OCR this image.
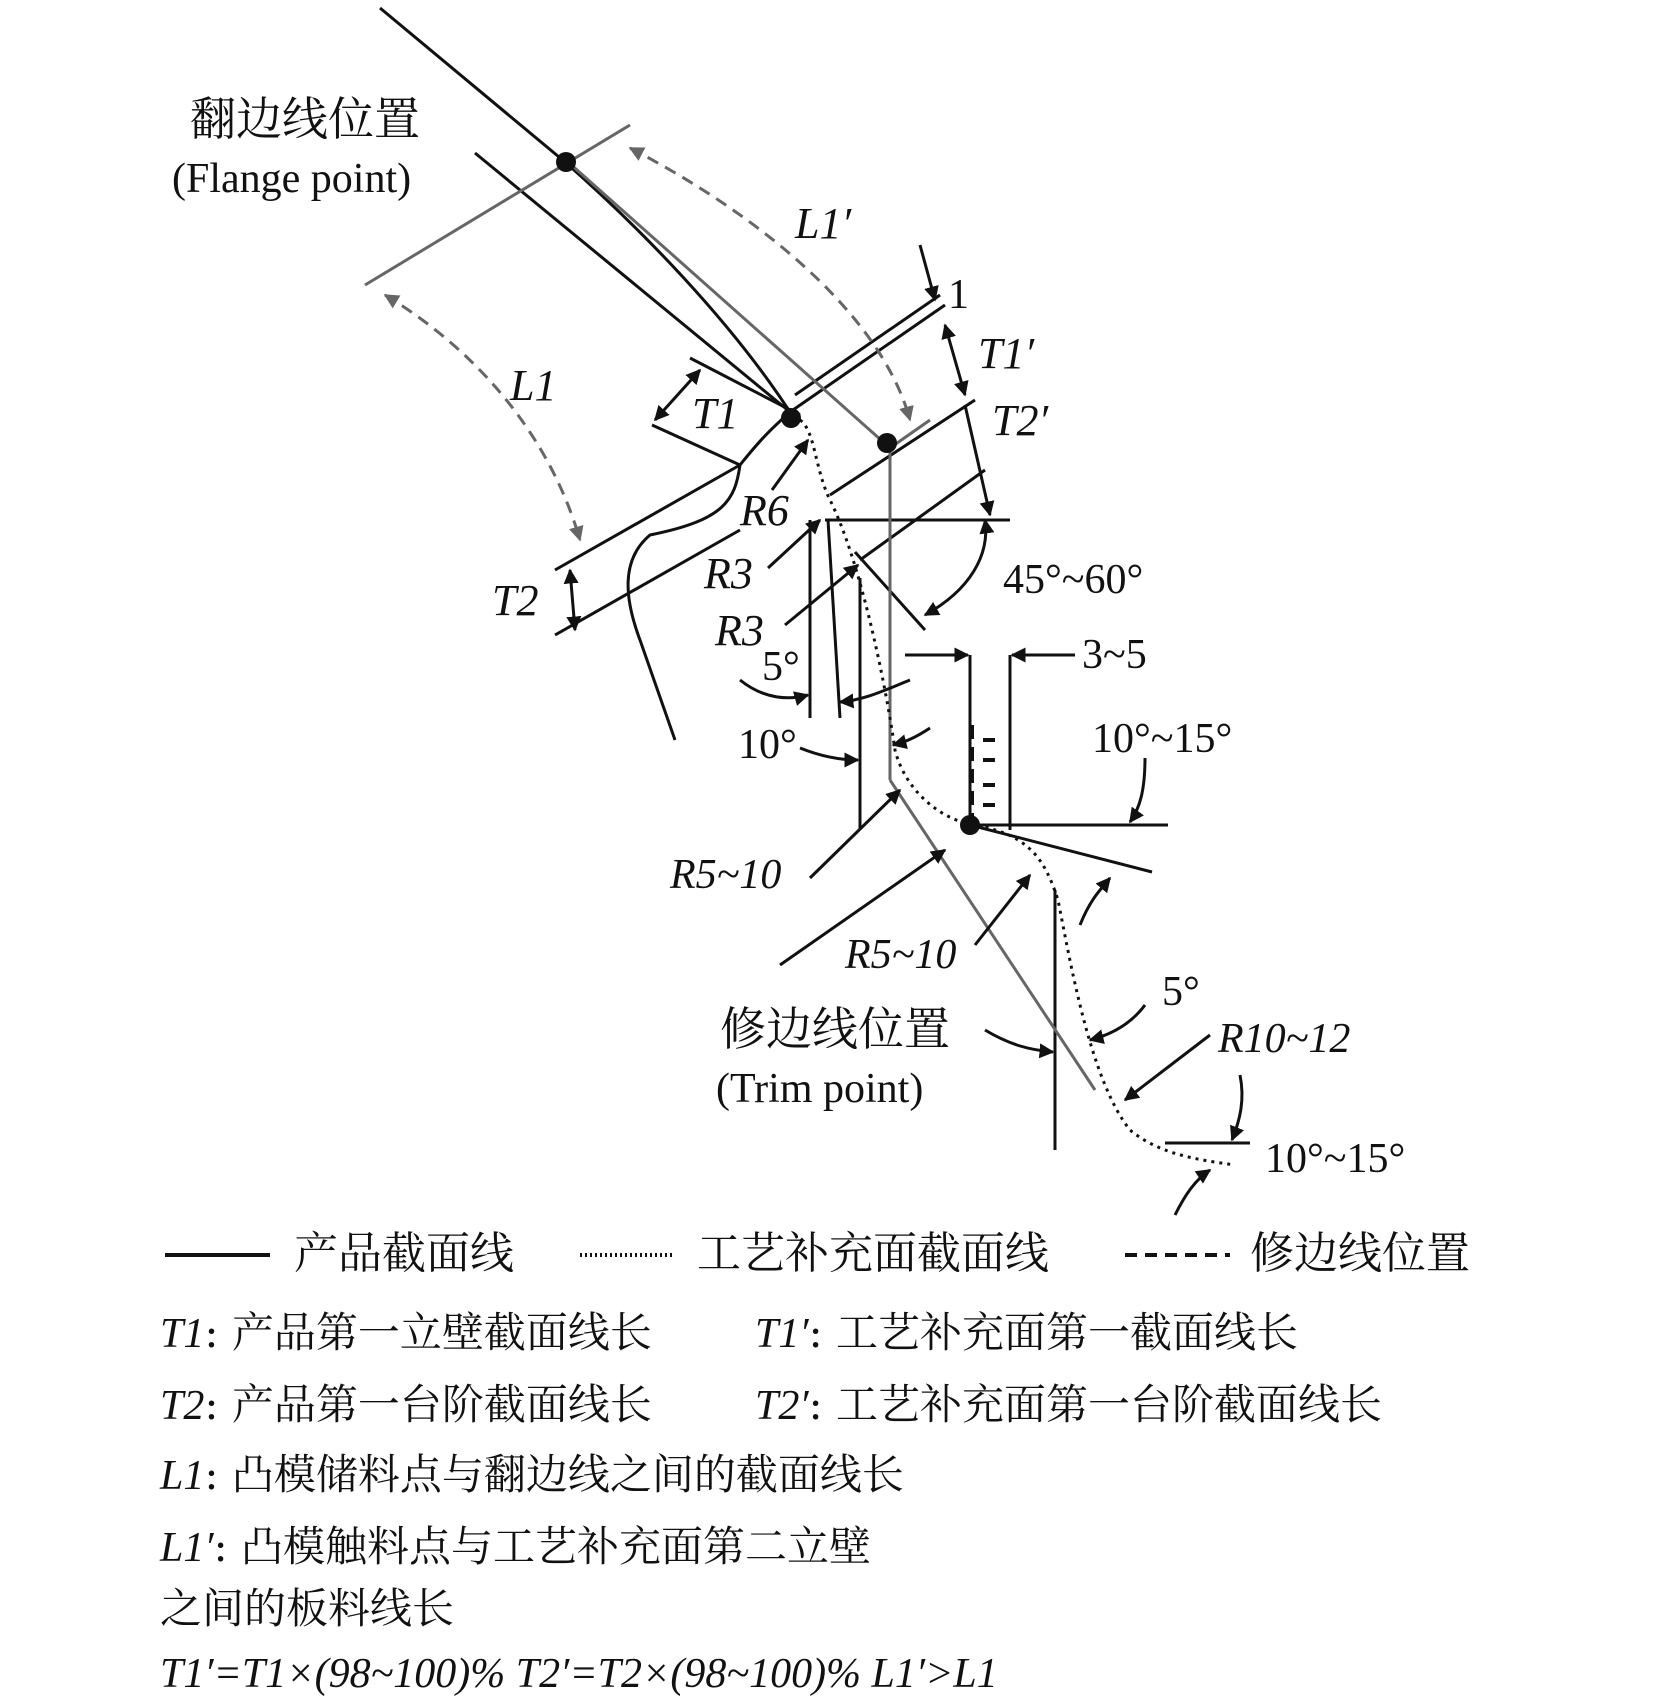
翻边线位置
(Flange point)
L1
L1′
T1
T2
1
T1′
T2′
R6
45°~60°
R3
R3	3~5
5°
10°	10°~15°
R5~10
R5~10
修边线位置
(Trim point)
5°
R10~12
10°~15°
产品截面线	工艺补充面截面线	修边线位置
T1: 产品第一立壁截面线长 T1′: 工艺补充面第一截面线长
T2: 产品第一台阶截面线长 T2′: 工艺补充面第一台阶截面线长
L1: 凸模储料点与翻边线之间的截面线长
L1′: 凸模触料点与工艺补充面第二立壁
之间的板料线长
T1′=T1×(98~100)% T2′=T2×(98~100)% L1′>L1
